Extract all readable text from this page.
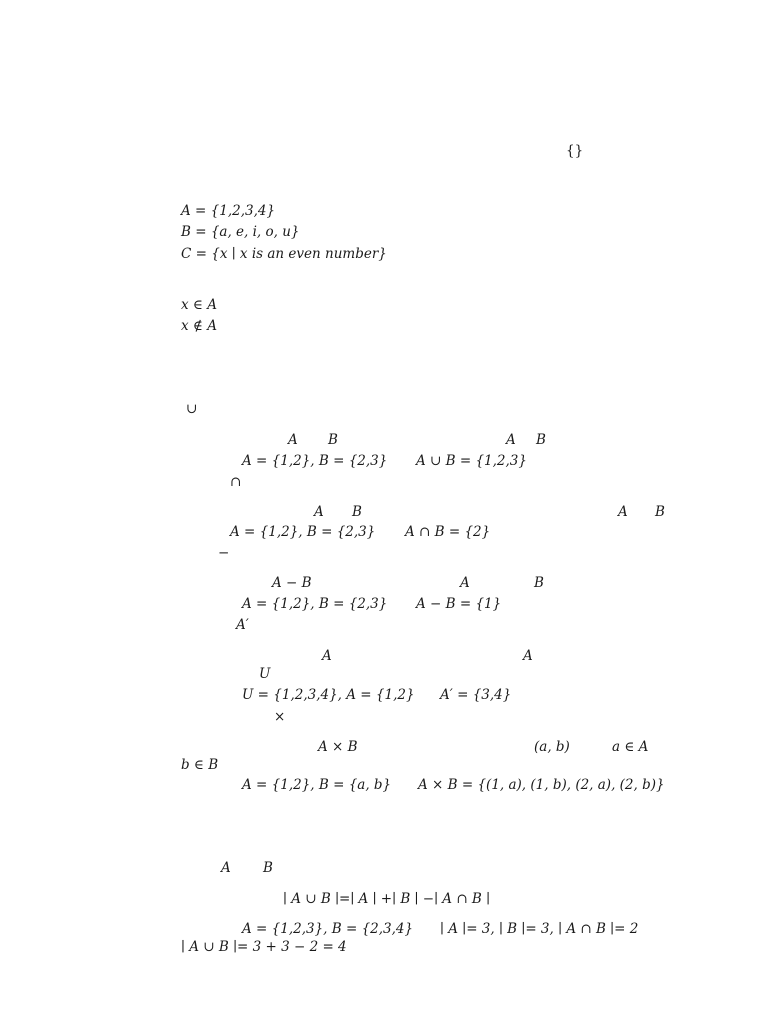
{}
A = {1,2,3,4}
B = {a, e, i, o, u}
C = {x ∣ x is an even number}
x ∈ A
x ∉ A
∪
A B	A B
A = {1,2}, B = {2,3} A ∪ B = {1,2,3}
∩
A B	A B
A = {1,2}, B = {2,3} A ∩ B = {2}
−
A − B	A	B
A = {1,2}, B = {2,3} A − B = {1}
A′
A	A
U
U = {1,2,3,4}, A = {1,2} A′ = {3,4}
×
A × B	(a, b)	a ∈ A
b ∈ B
A = {1,2}, B = {a, b} A × B = {(1, a), (1, b), (2, a), (2, b)}
A B
∣ A ∪ B ∣=∣ A ∣ +∣ B ∣ −∣ A ∩ B ∣
A = {1,2,3}, B = {2,3,4} ∣ A ∣= 3, ∣ B ∣= 3, ∣ A ∩ B ∣= 2
∣ A ∪ B ∣= 3 + 3 − 2 = 4
